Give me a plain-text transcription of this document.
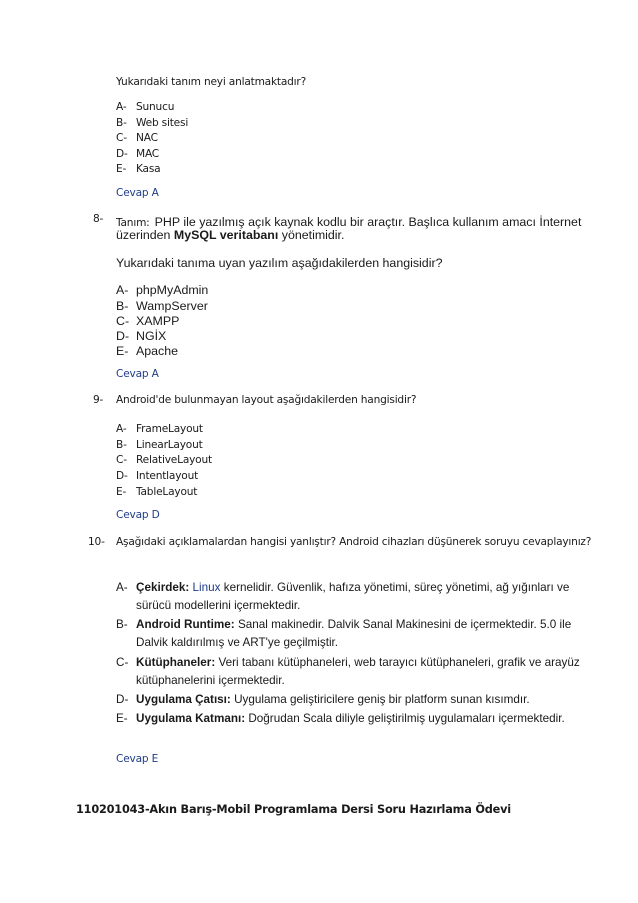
Yukarıdaki tanım neyi anlatmaktadır?
A- Sunucu
B- Web sitesi
C- NAC
D- MAC
E- Kasa
Cevap A
8- Tanım: PHP ile yazılmış açık kaynak kodlu bir araçtır. Başlıca kullanım amacı İnternet
üzerinden MySQL veritabanı yönetimidir.
Yukarıdaki tanıma uyan yazılım aşağıdakilerden hangisidir?
A- phpMyAdmin
B- WampServer
C- XAMPP
D- NGİX
E- Apache
Cevap A
9- Android'de bulunmayan layout aşağıdakilerden hangisidir?
A- FrameLayout
B- LinearLayout
C- RelativeLayout
D- Intentlayout
E- TableLayout
Cevap D
10- Aşağıdaki açıklamalardan hangisi yanlıştır? Android cihazları düşünerek soruyu cevaplayınız?
A- Çekirdek: Linux kernelidir. Güvenlik, hafıza yönetimi, süreç yönetimi, ağ yığınları ve
sürücü modellerini içermektedir.
B- Android Runtime: Sanal makinedir. Dalvik Sanal Makinesini de içermektedir. 5.0 ile
Dalvik kaldırılmış ve ART'ye geçilmiştir.
C- Kütüphaneler: Veri tabanı kütüphaneleri, web tarayıcı kütüphaneleri, grafik ve arayüz
kütüphanelerini içermektedir.
D- Uygulama Çatısı: Uygulama geliştiricilere geniş bir platform sunan kısımdır.
E- Uygulama Katmanı: Doğrudan Scala diliyle geliştirilmiş uygulamaları içermektedir.
Cevap E
110201043-Akın Barış-Mobil Programlama Dersi Soru Hazırlama Ödevi
